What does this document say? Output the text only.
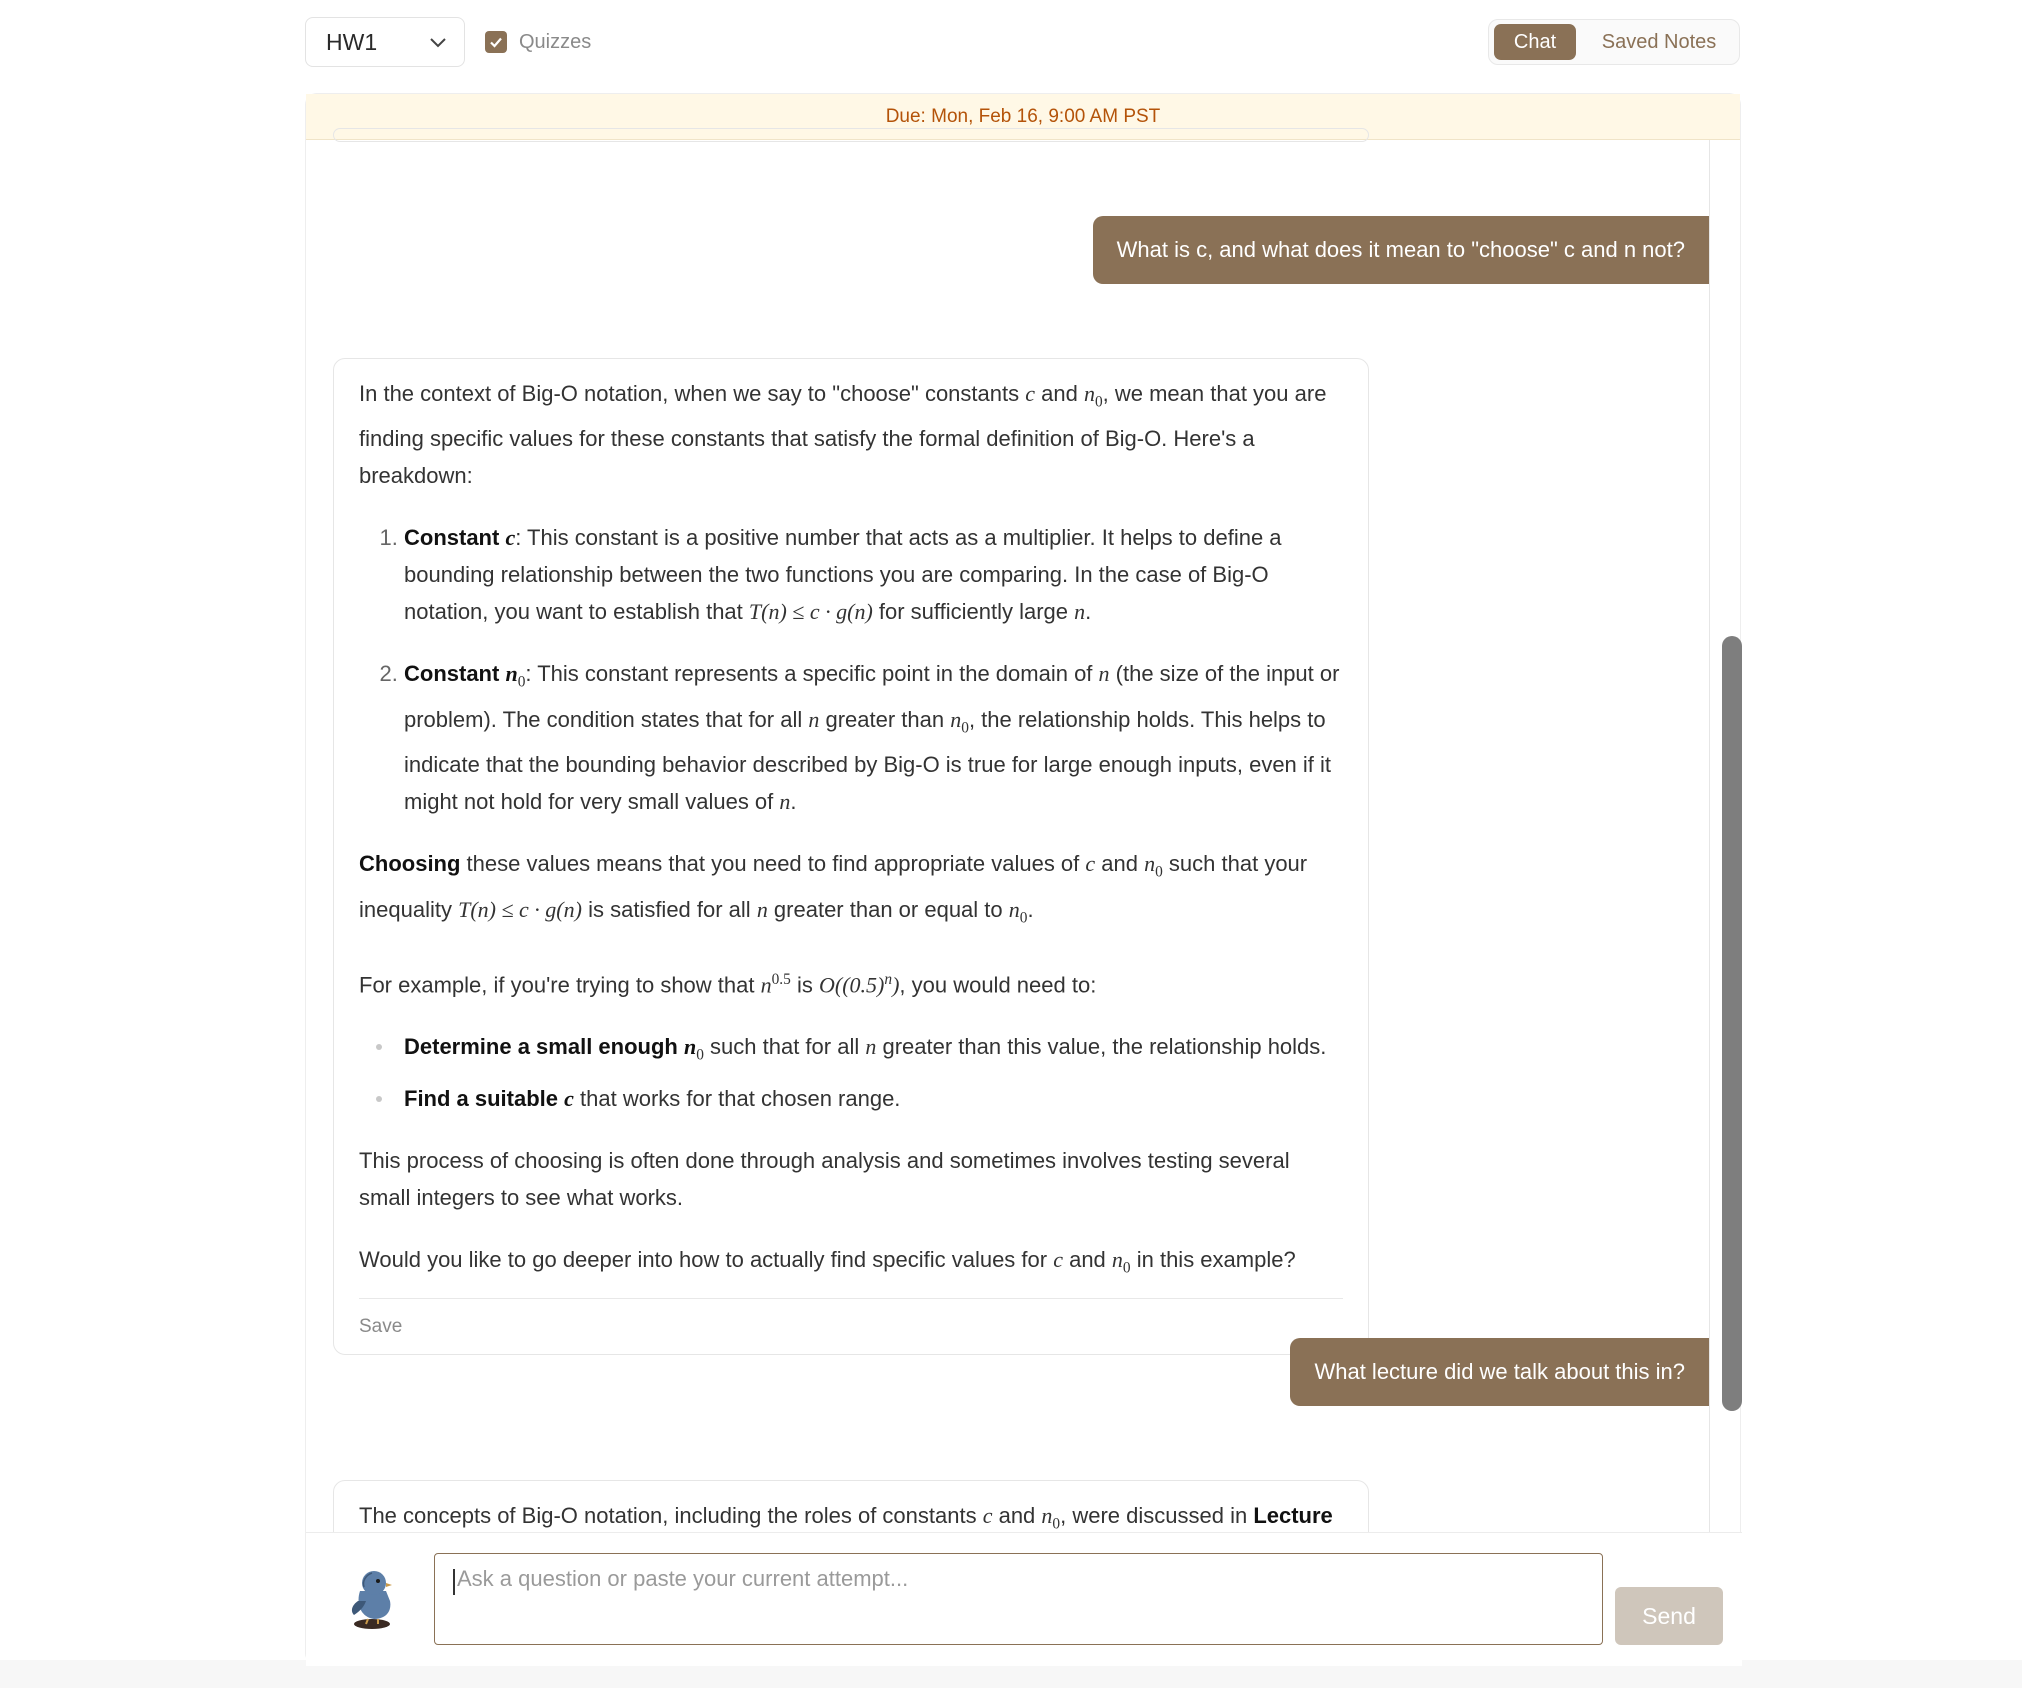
HW1	Quizzes	Chat	Saved Notes
Due: Mon, Feb 16, 9:00 AM PST
What is c, and what does it mean to "choose" c and n not?

In the context of Big-O notation, when we say to "choose" constants c and $n_0$, we mean that you are finding specific values for these constants that satisfy the formal definition of Big-O. Here's a breakdown:

1. Constant c: This constant is a positive number that acts as a multiplier. It helps to define a bounding relationship between the two functions you are comparing. In the case of Big-O notation, you want to establish that T(n) ≤ c · g(n) for sufficiently large n.
2. Constant $n_0$: This constant represents a specific point in the domain of n (the size of the input or problem). The condition states that for all n greater than $n_0$, the relationship holds. This helps to indicate that the bounding behavior described by Big-O is true for large enough inputs, even if it might not hold for very small values of n.

Choosing these values means that you need to find appropriate values of c and $n_0$ such that your inequality T(n) ≤ c · g(n) is satisfied for all n greater than or equal to $n_0$.

For example, if you're trying to show that $n^{0.5}$ is $O((0.5)^n)$, you would need to:

Determine a small enough $n_0$ such that for all n greater than this value, the relationship holds.
Find a suitable c that works for that chosen range.

This process of choosing is often done through analysis and sometimes involves testing several small integers to see what works.

Would you like to go deeper into how to actually find specific values for c and $n_0$ in this example?

Save
What lecture did we talk about this in?

The concepts of Big-O notation, including the roles of constants c and $n_0$, were discussed in Lecture

Ask a question or paste your current attempt...
Send
